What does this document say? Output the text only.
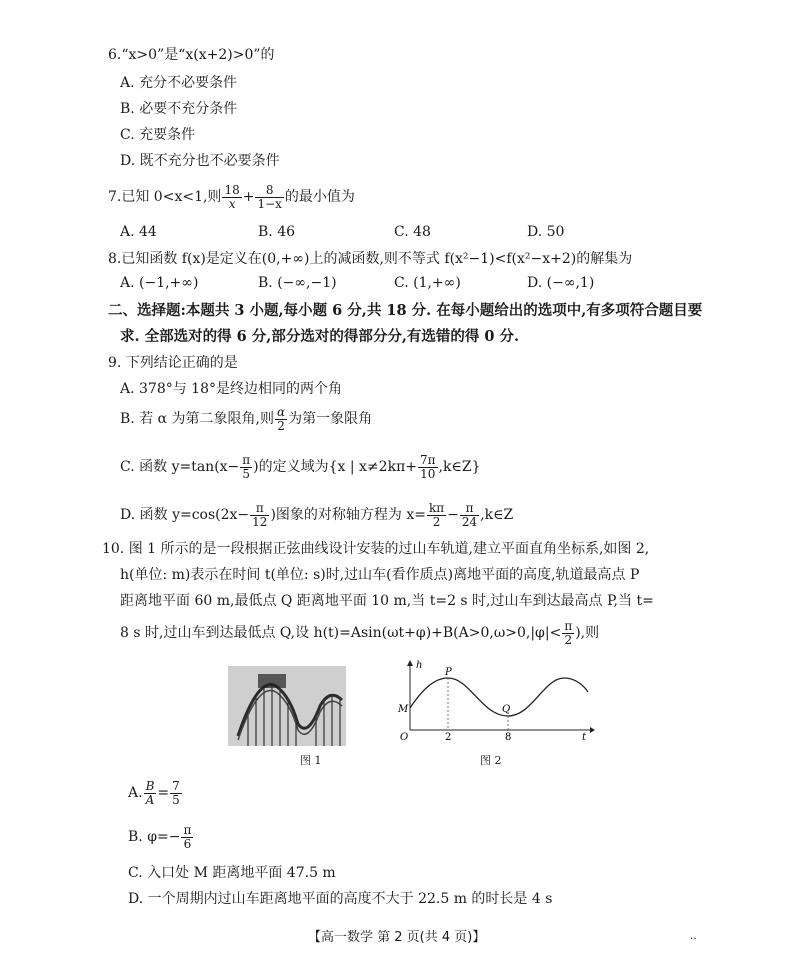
6.“x>0”是“x(x+2)>0”的
A. 充分不必要条件
B. 必要不充分条件
C. 充要条件
D. 既不充分也不必要条件
7.已知 0<x<1,则 $\frac{18}{x} + \frac{8}{1-x}$ 的最小值为
A. 44	B. 46	C. 48	D. 50
8.已知函数 f(x)是定义在(0,+∞)上的减函数,则不等式 f(x²−1)<f(x²−x+2)的解集为
A. (−1,+∞)	B. (−∞,−1)	C. (1,+∞)	D. (−∞,1)
二、选择题:本题共 3 小题,每小题 6 分,共 18 分. 在每小题给出的选项中,有多项符合题目要
求. 全部选对的得 6 分,部分选对的得部分分,有选错的得 0 分.
9. 下列结论正确的是
A. 378°与 18°是终边相同的两个角
B. 若 α 为第二象限角,则 $\frac{\alpha}{2}$ 为第一象限角
C. 函数 $y=\tan(x- \frac{\pi}{5}$ )的定义域为{x | $x\ne 2k\pi+ \frac{7\pi}{10}$ ,k∈Z}
D. 函数 $y=\cos(2x- \frac{\pi}{12}$ )图象的对称轴方程为 $x= \frac{k\pi}{2} - \frac{\pi}{24}$ ,k∈Z
10. 图 1 所示的是一段根据正弦曲线设计安装的过山车轨道,建立平面直角坐标系,如图 2,
h(单位: m)表示在时间 t(单位: s)时,过山车(看作质点)离地平面的高度,轨道最高点 P
距离地平面 60 m,最低点 Q 距离地平面 10 m,当 t=2 s 时,过山车到达最高点 P,当 t=
8 s 时,过山车到达最低点 Q,设 $h(t)=Asin(\omega t+\varphi)+B(A>0,\omega>0,|\varphi|< \frac{\pi}{2}$ ),则
图 1
h
t
O
M
P
Q
2	8
图 2
A. $\frac{B}{A} = \frac{7}{5}$
B. $\varphi=- \frac{\pi}{6}$
C. 入口处 M 距离地平面 47.5 m
D. 一个周期内过山车距离地平面的高度不大于 22.5 m 的时长是 4 s
【高一数学 第 2 页(共 4 页)】	‥
